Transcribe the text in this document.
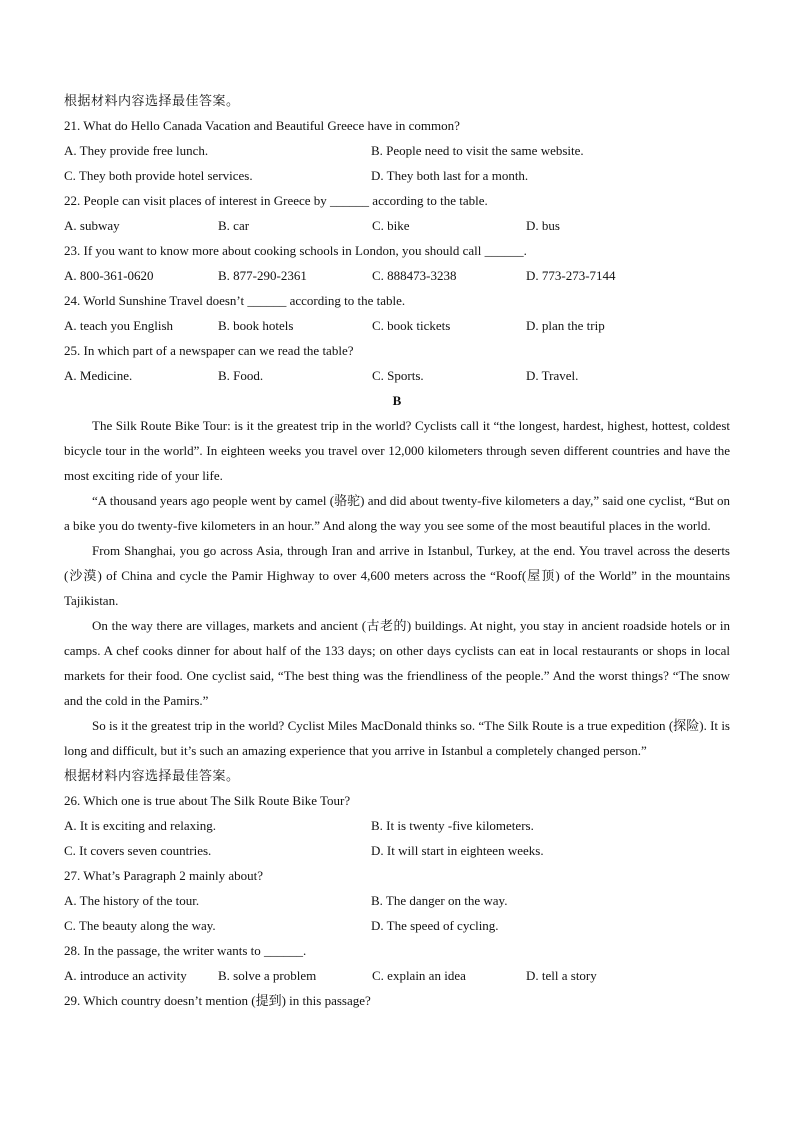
根据材料内容选择最佳答案。
21. What do Hello Canada Vacation and Beautiful Greece have in common?
A. They provide free lunch.	B. People need to visit the same website.
C. They both provide hotel services.	D. They both last for a month.
22. People can visit places of interest in Greece by ______ according to the table.
A. subway	B. car	C. bike	D. bus
23. If you want to know more about cooking schools in London, you should call ______.
A. 800-361-0620	B. 877-290-2361	C. 888473-3238	D. 773-273-7144
24. World Sunshine Travel doesn’t ______ according to the table.
A. teach you English	B. book hotels	C. book tickets	D. plan the trip
25. In which part of a newspaper can we read the table?
A. Medicine.	B. Food.	C. Sports.	D. Travel.
B
The Silk Route Bike Tour: is it the greatest trip in the world? Cyclists call it “the longest, hardest, highest, hottest, coldest bicycle tour in the world”. In eighteen weeks you travel over 12,000 kilometers through seven different countries and have the most exciting ride of your life.
“A thousand years ago people went by camel (骆驼) and did about twenty-five kilometers a day,” said one cyclist, “But on a bike you do twenty-five kilometers in an hour.” And along the way you see some of the most beautiful places in the world.
From Shanghai, you go across Asia, through Iran and arrive in Istanbul, Turkey, at the end. You travel across the deserts (沙漠) of China and cycle the Pamir Highway to over 4,600 meters across the “Roof(屋顶) of the World” in the mountains Tajikistan.
On the way there are villages, markets and ancient (古老的) buildings. At night, you stay in ancient roadside hotels or in camps. A chef cooks dinner for about half of the 133 days; on other days cyclists can eat in local restaurants or shops in local markets for their food. One cyclist said, “The best thing was the friendliness of the people.” And the worst things? “The snow and the cold in the Pamirs.”
So is it the greatest trip in the world? Cyclist Miles MacDonald thinks so. “The Silk Route is a true expedition (探险). It is long and difficult, but it’s such an amazing experience that you arrive in Istanbul a completely changed person.”
根据材料内容选择最佳答案。
26. Which one is true about The Silk Route Bike Tour?
A. It is exciting and relaxing.	B. It is twenty -five kilometers.
C. It covers seven countries.	D. It will start in eighteen weeks.
27. What’s Paragraph 2 mainly about?
A. The history of the tour.	B. The danger on the way.
C. The beauty along the way.	D. The speed of cycling.
28. In the passage, the writer wants to ______.
A. introduce an activity	B. solve a problem	C. explain an idea	D. tell a story
29. Which country doesn’t mention (提到) in this passage?
